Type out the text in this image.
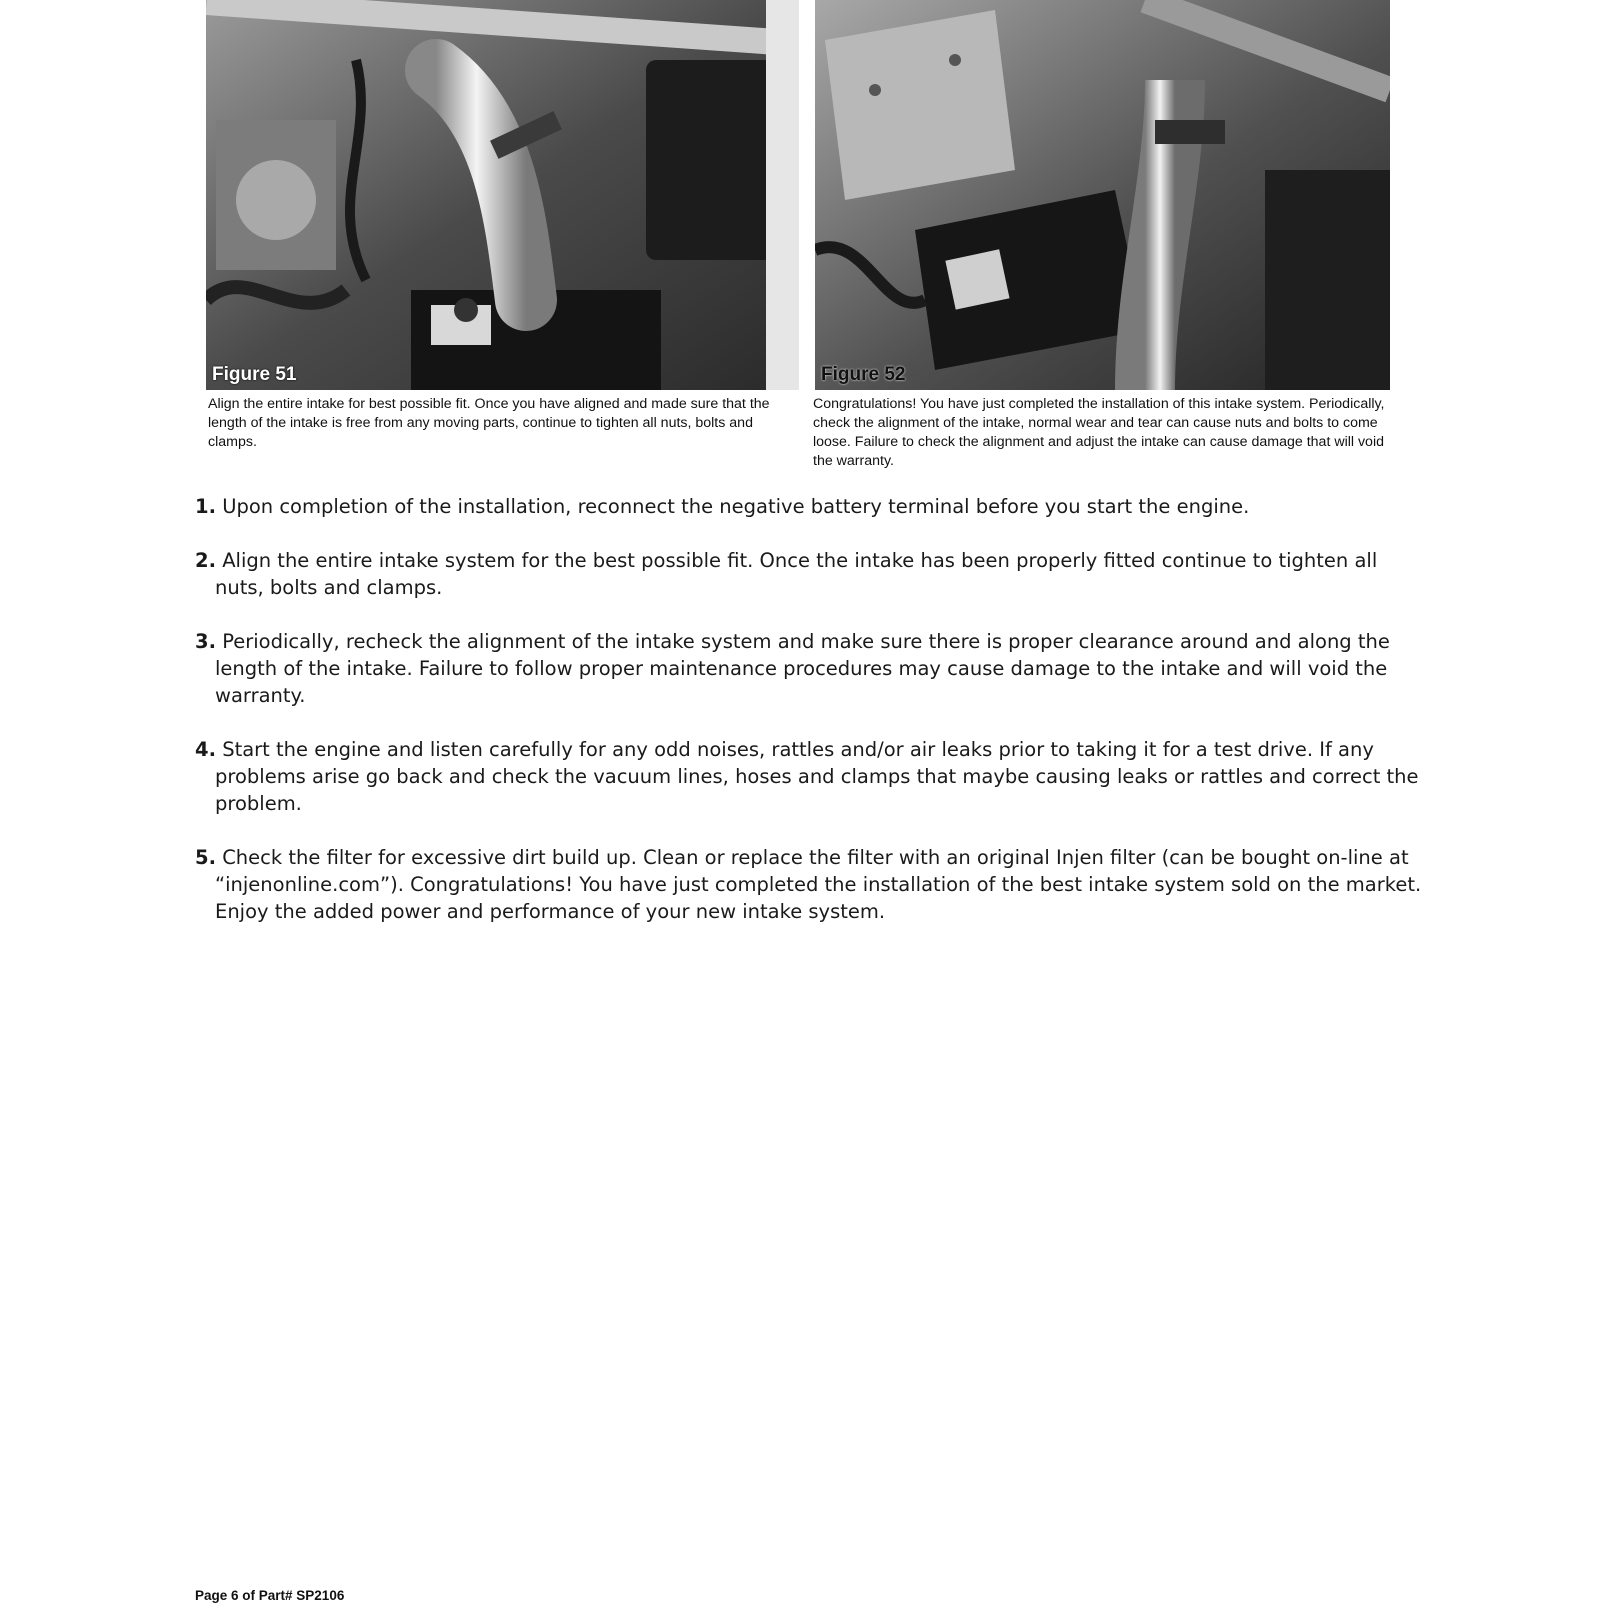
Figure 51	Figure 52
Align the entire intake for best possible fit. Once you have aligned and made sure that the length of the intake is free from any moving parts, continue to tighten all nuts, bolts and clamps.
Congratulations! You have just completed the installation of this intake system. Periodically, check the alignment of the intake, normal wear and tear can cause nuts and bolts to come loose. Failure to check the alignment and adjust the intake can cause damage that will void the warranty.
1. Upon completion of the installation, reconnect the negative battery terminal before you start the engine.
2. Align the entire intake system for the best possible fit. Once the intake has been properly fitted continue to tighten all nuts, bolts and clamps.
3. Periodically, recheck the alignment of the intake system and make sure there is proper clearance around and along the length of the intake. Failure to follow proper maintenance procedures may cause damage to the intake and will void the warranty.
4. Start the engine and listen carefully for any odd noises, rattles and/or air leaks prior to taking it for a test drive. If any problems arise go back and check the vacuum lines, hoses and clamps that maybe causing leaks or rattles and correct the problem.
5. Check the filter for excessive dirt build up. Clean or replace the filter with an original Injen filter (can be bought on-line at “injenonline.com”). Congratulations! You have just completed the installation of the best intake system sold on the market. Enjoy the added power and performance of your new intake system.
Page 6 of Part# SP2106
